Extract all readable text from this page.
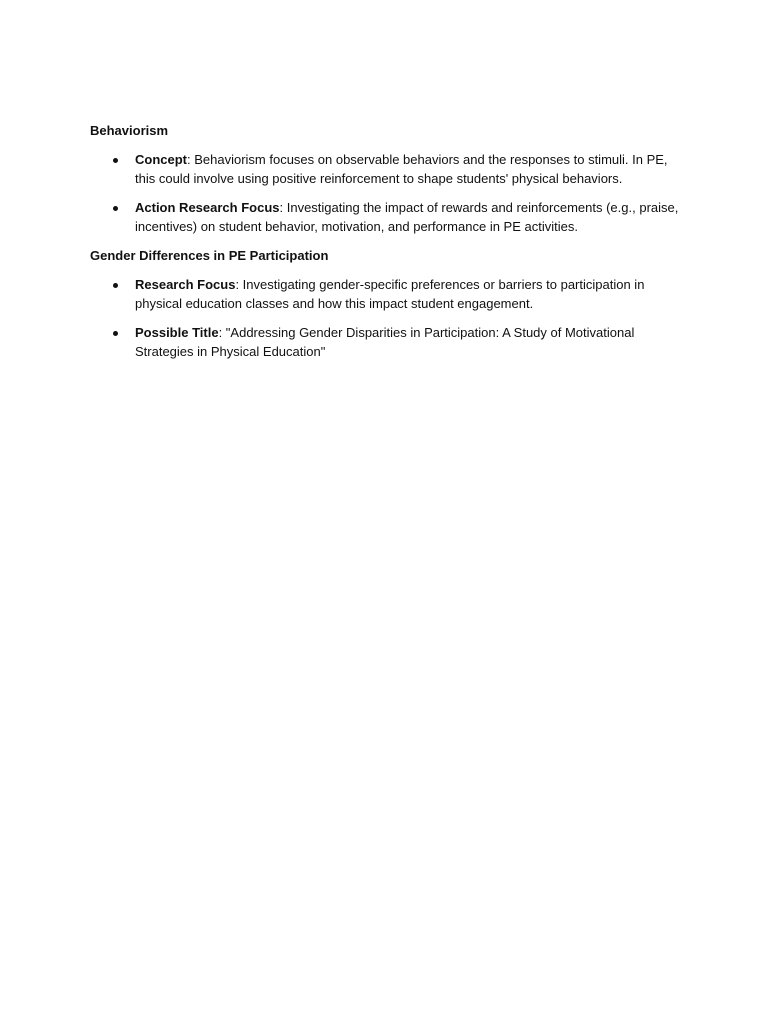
Behaviorism
Concept: Behaviorism focuses on observable behaviors and the responses to stimuli. In PE, this could involve using positive reinforcement to shape students' physical behaviors.
Action Research Focus: Investigating the impact of rewards and reinforcements (e.g., praise, incentives) on student behavior, motivation, and performance in PE activities.
Gender Differences in PE Participation
Research Focus: Investigating gender-specific preferences or barriers to participation in physical education classes and how this impact student engagement.
Possible Title: "Addressing Gender Disparities in Participation: A Study of Motivational Strategies in Physical Education"
